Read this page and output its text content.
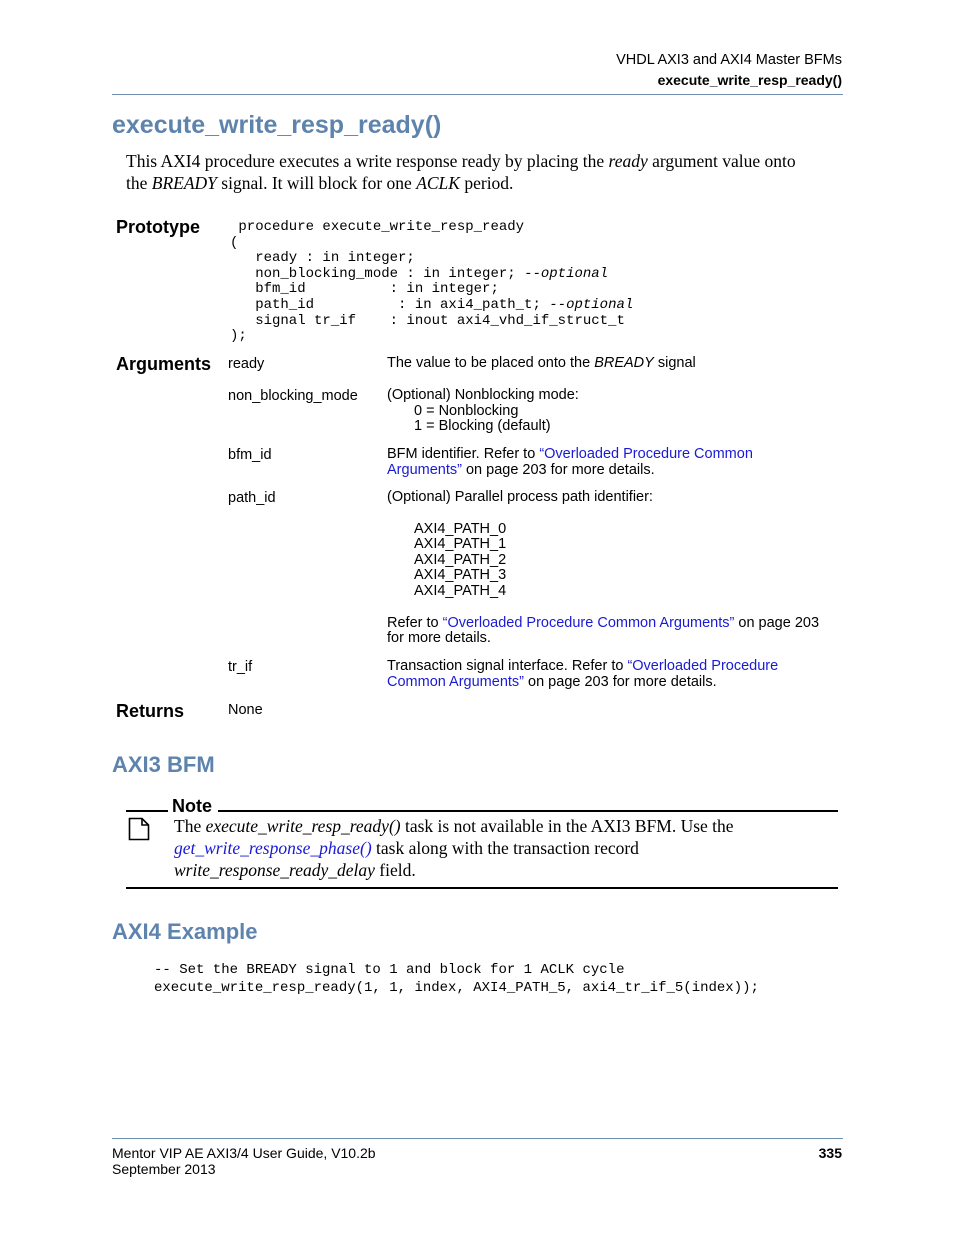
VHDL AXI3 and AXI4 Master BFMs
execute_write_resp_ready()
execute_write_resp_ready()
This AXI4 procedure executes a write response ready by placing the ready argument value onto
the BREADY signal. It will block for one ACLK period.
Prototype procedure execute_write_resp_ready
(
ready : in integer;
non_blocking_mode : in integer; --optional
bfm_id          : in integer;
path_id          : in axi4_path_t; --optional
signal tr_if    : inout axi4_vhd_if_struct_t
);
Arguments ready	The value to be placed onto the BREADY signal
non_blocking_mode (Optional) Nonblocking mode:
0 = Nonblocking
1 = Blocking (default)
bfm_id	BFM identifier. Refer to “Overloaded Procedure Common
Arguments” on page 203 for more details.
path_id	(Optional) Parallel process path identifier:
AXI4_PATH_0
AXI4_PATH_1
AXI4_PATH_2
AXI4_PATH_3
AXI4_PATH_4
Refer to “Overloaded Procedure Common Arguments” on page 203
for more details.
tr_if	Transaction signal interface. Refer to “Overloaded Procedure
Common Arguments” on page 203 for more details.
Returns	None
AXI3 BFM
Note
The execute_write_resp_ready() task is not available in the AXI3 BFM. Use the
get_write_response_phase() task along with the transaction record
write_response_ready_delay field.
AXI4 Example
-- Set the BREADY signal to 1 and block for 1 ACLK cycle
execute_write_resp_ready(1, 1, index, AXI4_PATH_5, axi4_tr_if_5(index));
Mentor VIP AE AXI3/4 User Guide, V10.2b
September 2013
335
